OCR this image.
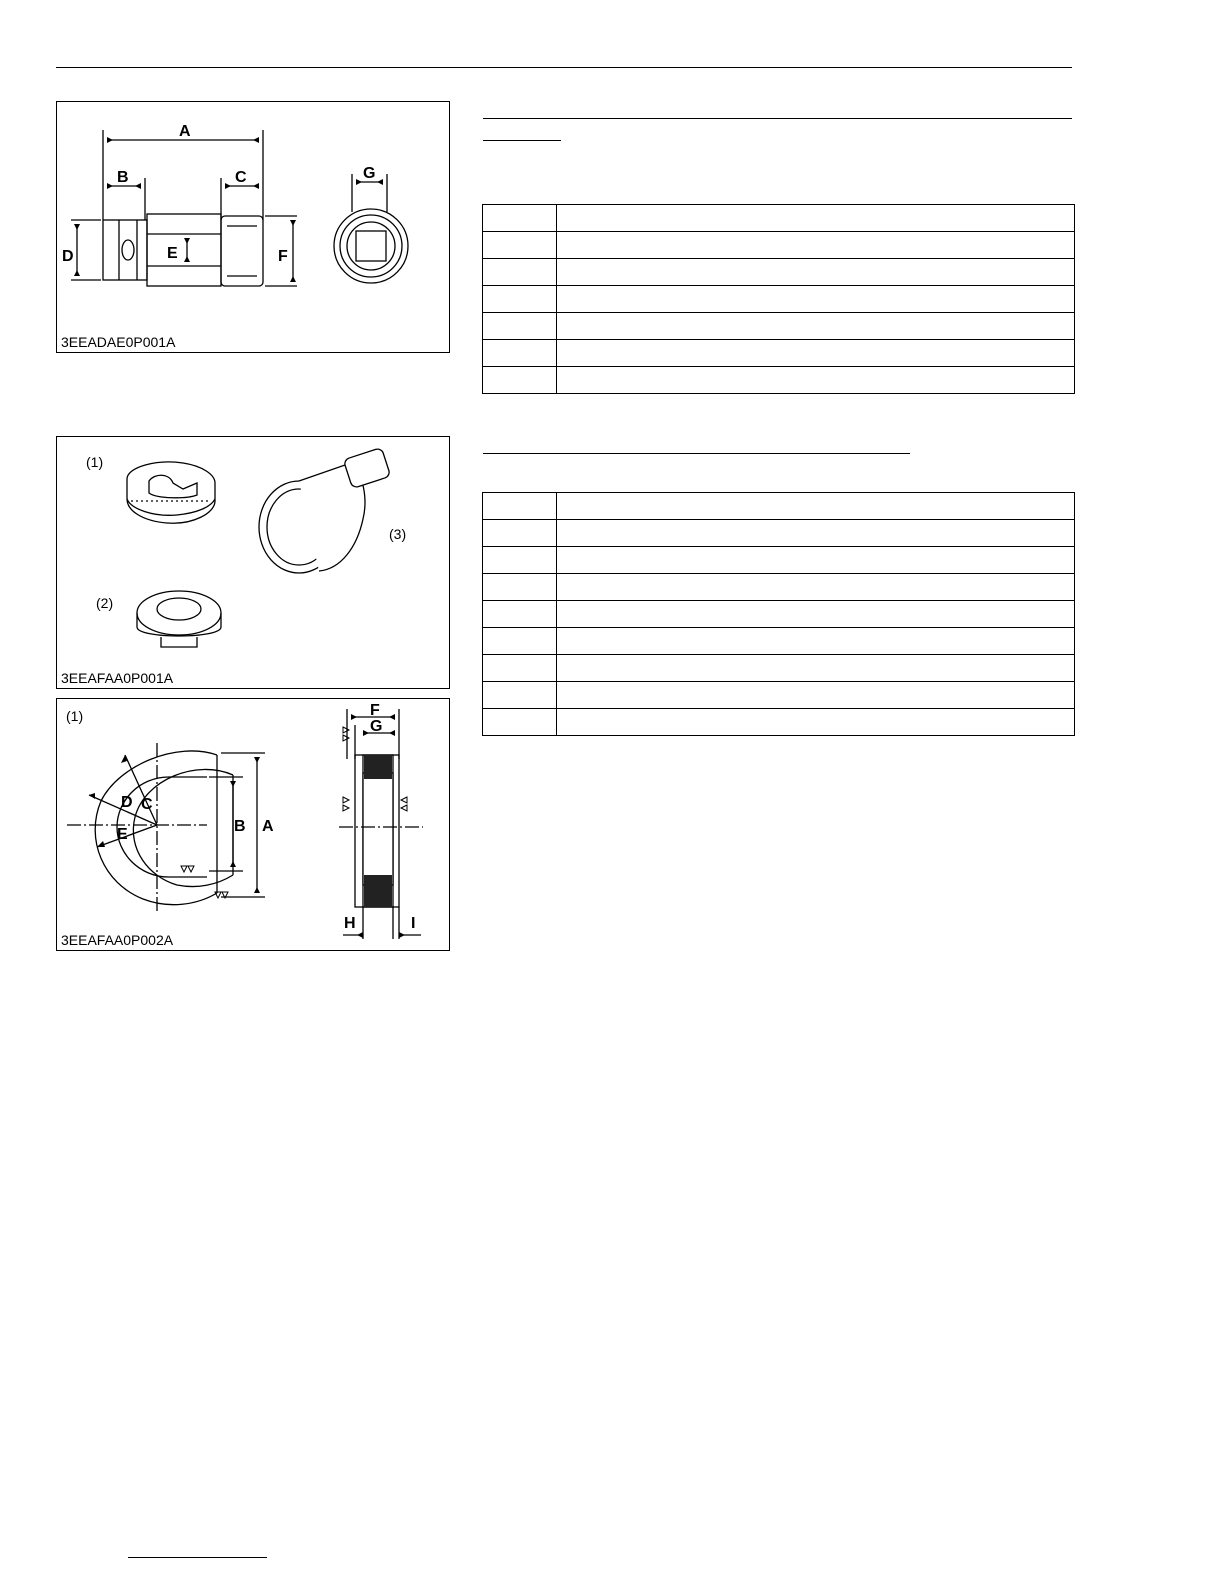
A
B	C
D	E	F
G
3EEADAE0P001A
(1)
(2)
(3)
3EEAFAA0P001A
C
D
E	B A
F
G
H	I
(1)
3EEAFAA0P002A
